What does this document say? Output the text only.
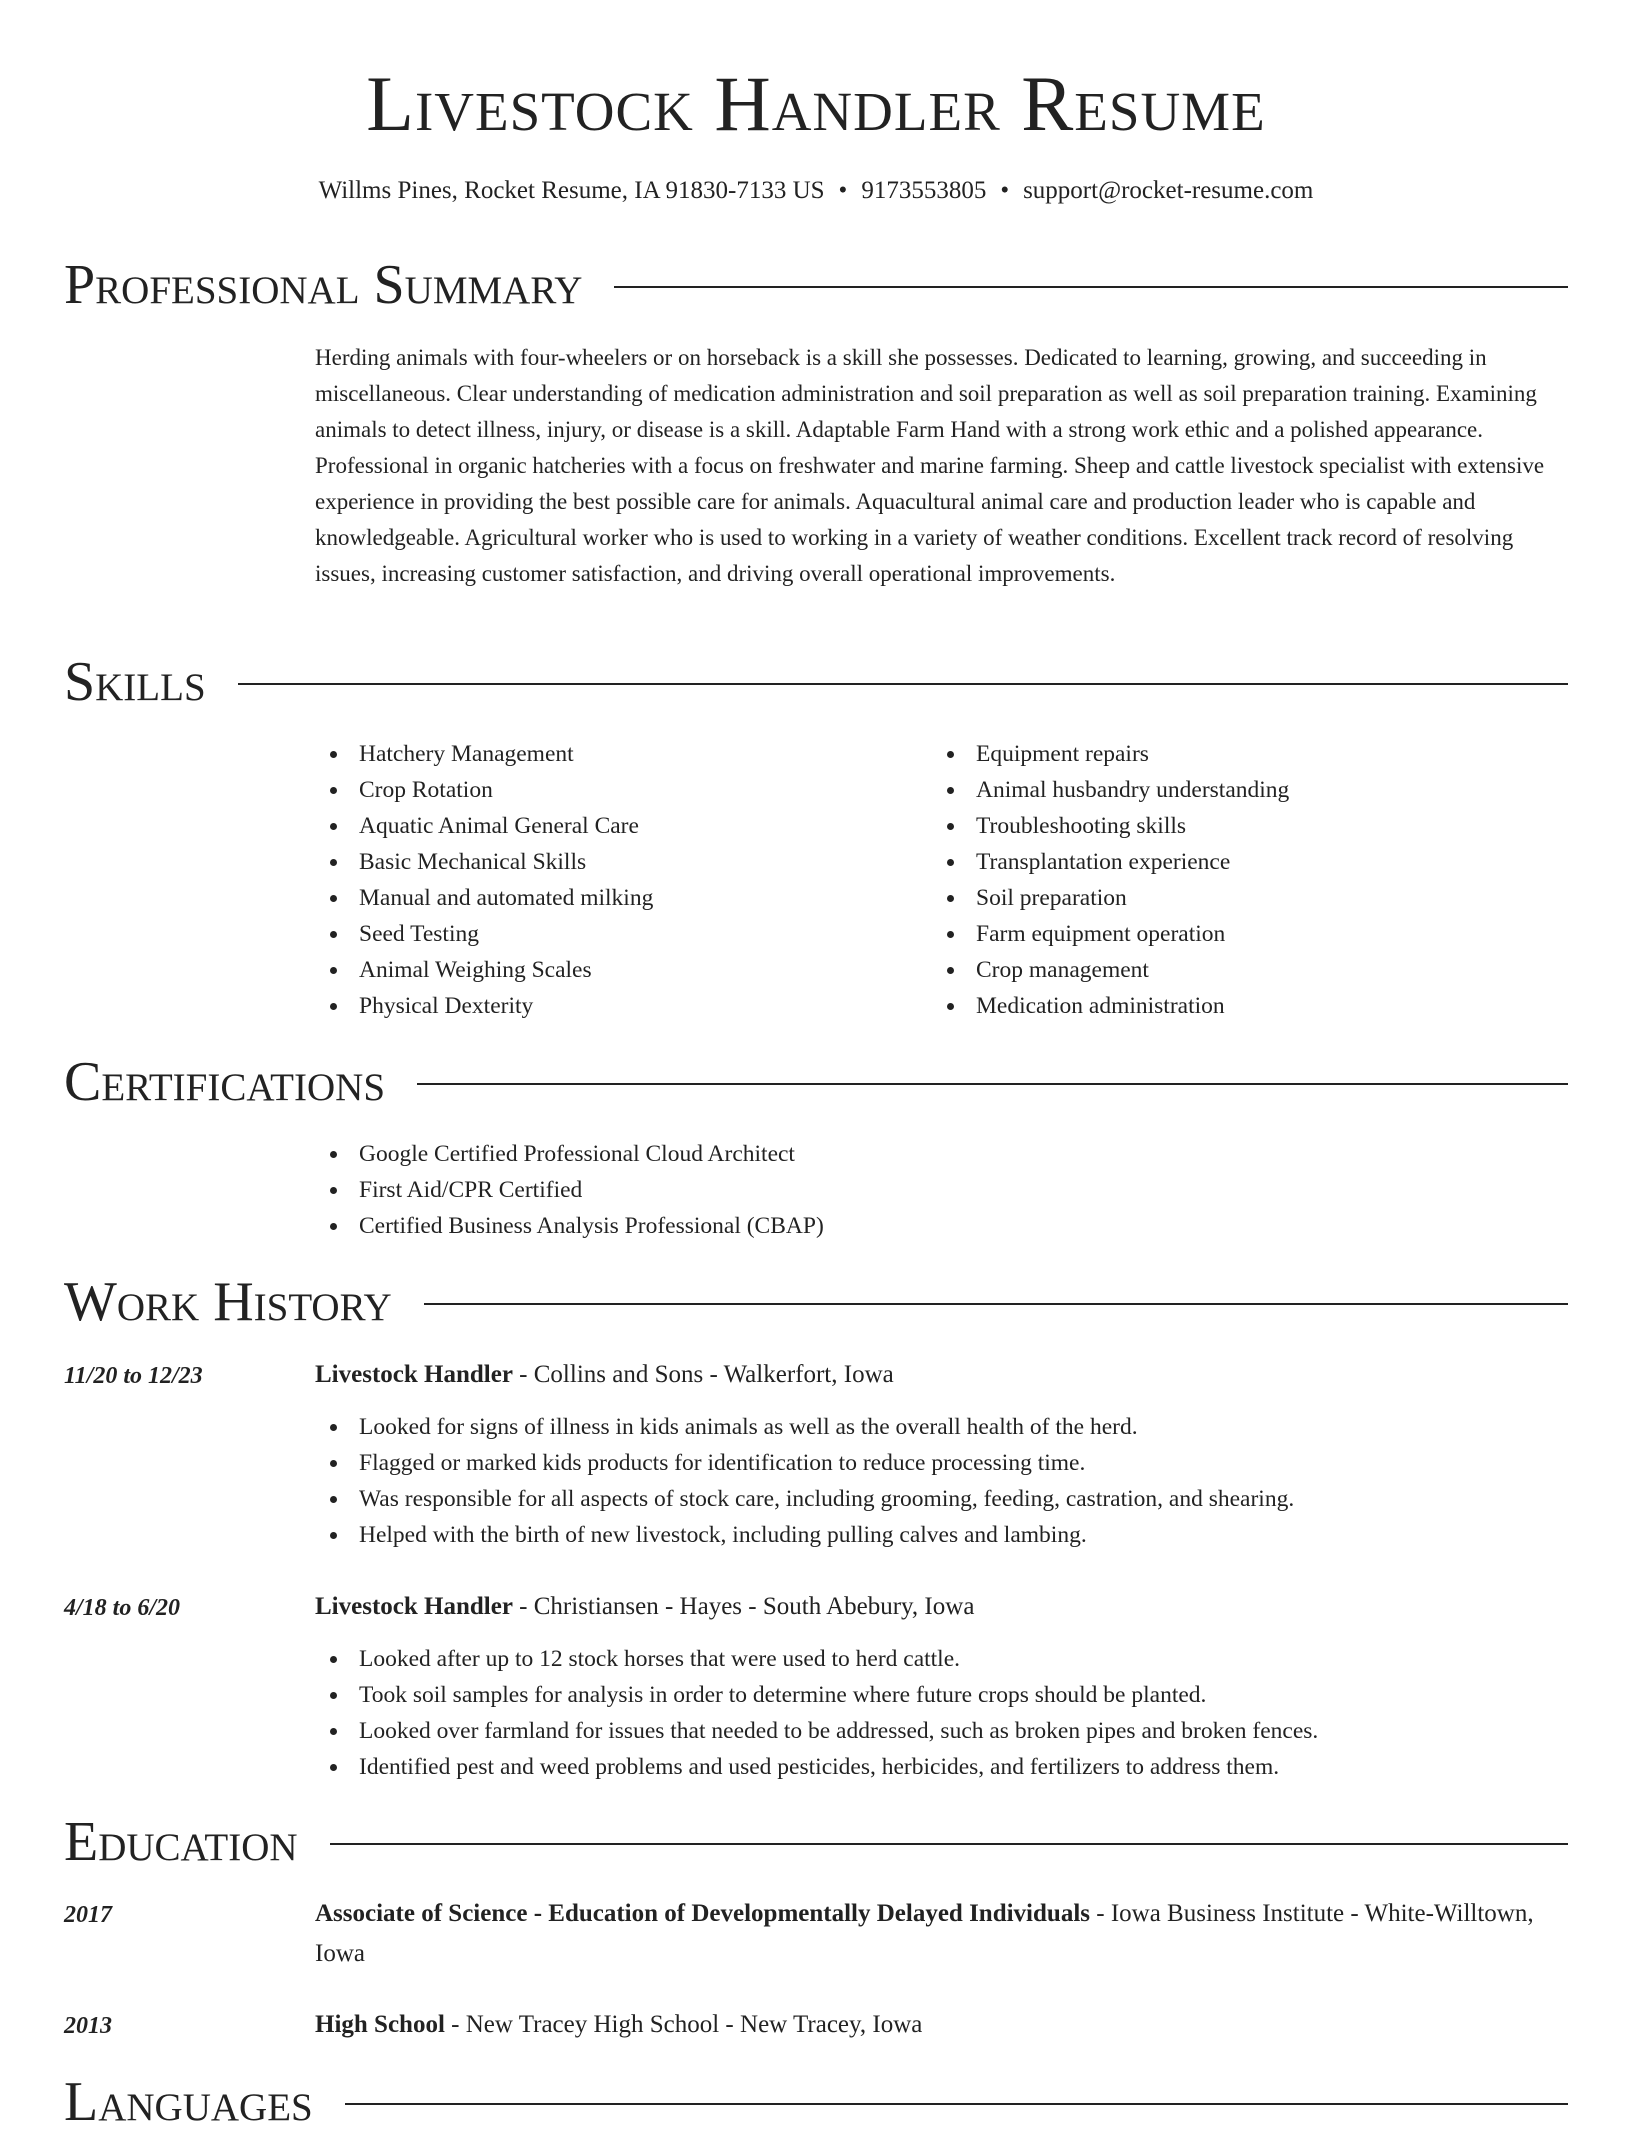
Livestock Handler Resume
Willms Pines, Rocket Resume, IA 91830-7133 US • 9173553805 • support@rocket-resume.com
Professional Summary
Herding animals with four-wheelers or on horseback is a skill she possesses. Dedicated to learning, growing, and succeeding in miscellaneous. Clear understanding of medication administration and soil preparation as well as soil preparation training. Examining animals to detect illness, injury, or disease is a skill. Adaptable Farm Hand with a strong work ethic and a polished appearance. Professional in organic hatcheries with a focus on freshwater and marine farming. Sheep and cattle livestock specialist with extensive experience in providing the best possible care for animals. Aquacultural animal care and production leader who is capable and knowledgeable. Agricultural worker who is used to working in a variety of weather conditions. Excellent track record of resolving issues, increasing customer satisfaction, and driving overall operational improvements.
Skills
Hatchery Management
Crop Rotation
Aquatic Animal General Care
Basic Mechanical Skills
Manual and automated milking
Seed Testing
Animal Weighing Scales
Physical Dexterity
Equipment repairs
Animal husbandry understanding
Troubleshooting skills
Transplantation experience
Soil preparation
Farm equipment operation
Crop management
Medication administration
Certifications
Google Certified Professional Cloud Architect
First Aid/CPR Certified
Certified Business Analysis Professional (CBAP)
Work History
11/20 to 12/23	Livestock Handler - Collins and Sons - Walkerfort, Iowa
Looked for signs of illness in kids animals as well as the overall health of the herd.
Flagged or marked kids products for identification to reduce processing time.
Was responsible for all aspects of stock care, including grooming, feeding, castration, and shearing.
Helped with the birth of new livestock, including pulling calves and lambing.
4/18 to 6/20	Livestock Handler - Christiansen - Hayes - South Abebury, Iowa
Looked after up to 12 stock horses that were used to herd cattle.
Took soil samples for analysis in order to determine where future crops should be planted.
Looked over farmland for issues that needed to be addressed, such as broken pipes and broken fences.
Identified pest and weed problems and used pesticides, herbicides, and fertilizers to address them.
Education
2017	Associate of Science - Education of Developmentally Delayed Individuals - Iowa Business Institute - White-Willtown, Iowa
2013	High School - New Tracey High School - New Tracey, Iowa
Languages
